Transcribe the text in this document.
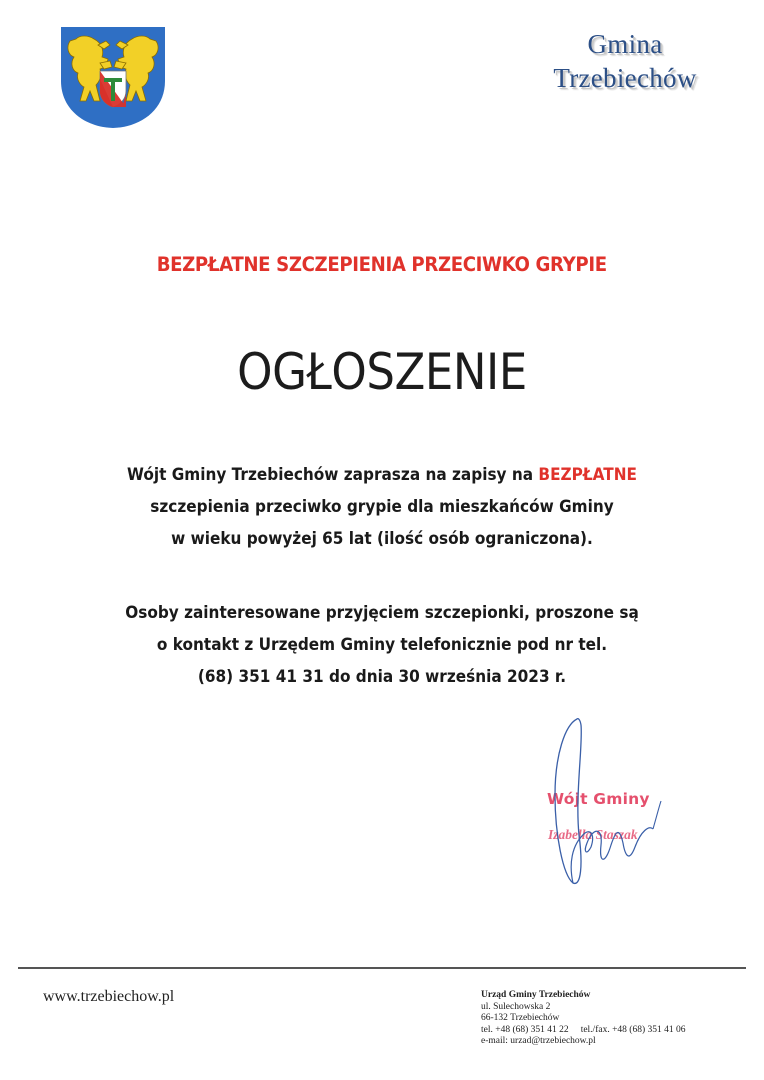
Gmina
Trzebiechów
BEZPŁATNE SZCZEPIENIA PRZECIWKO GRYPIE
OGŁOSZENIE
Wójt Gminy Trzebiechów zaprasza na zapisy na BEZPŁATNE
szczepienia przeciwko grypie dla mieszkańców Gminy
w wieku powyżej 65 lat (ilość osób ograniczona).
Osoby zainteresowane przyjęciem szczepionki, proszone są
o kontakt z Urzędem Gminy telefonicznie pod nr tel.
(68) 351 41 31 do dnia 30 września 2023 r.
Wójt Gminy
Izabella Staszak
www.trzebiechow.pl	Urząd Gminy Trzebiechów
ul. Sulechowska 2
66-132 Trzebiechów
tel. +48 (68) 351 41 22 tel./fax. +48 (68) 351 41 06
e-mail: urzad@trzebiechow.pl
